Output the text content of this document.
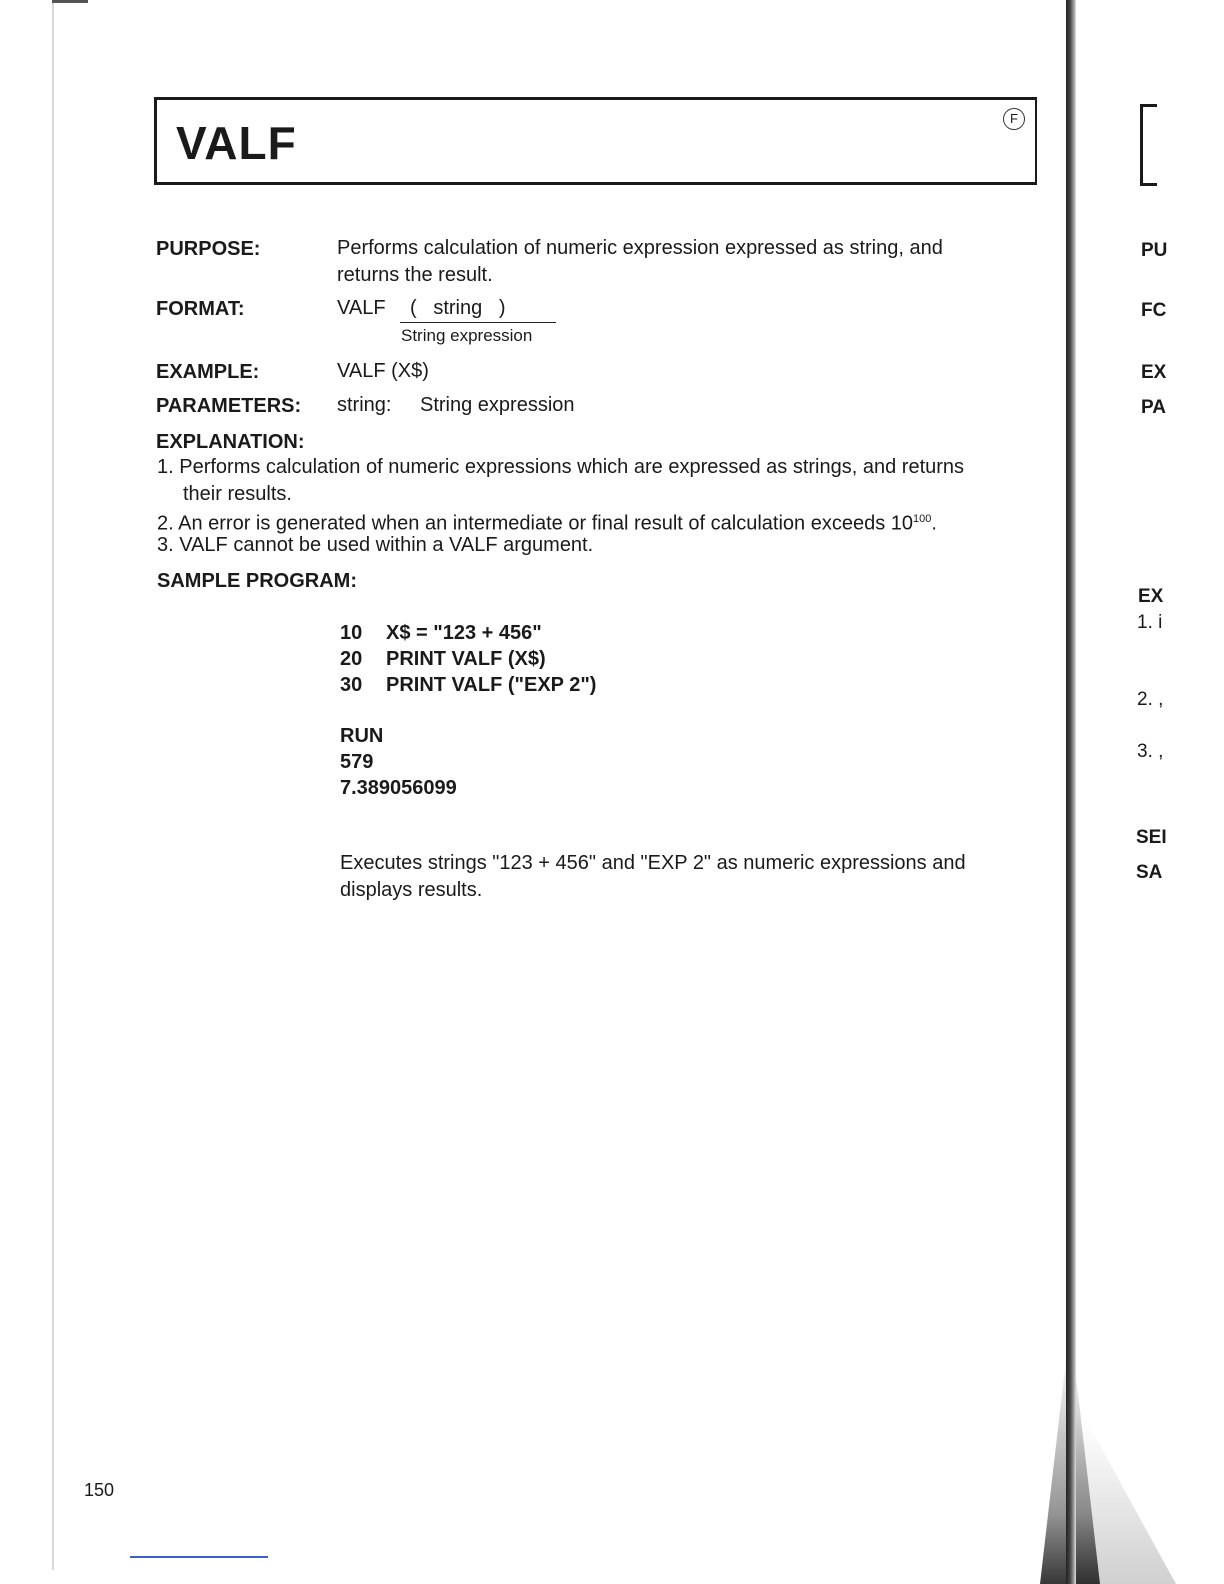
VALF	F
PURPOSE:	Performs calculation of numeric expression expressed as string, and
returns the result.
FORMAT:	VALF (   string   )
String expression
EXAMPLE:	VALF (X$)
PARAMETERS: string: String expression
EXPLANATION:
1. Performs calculation of numeric expressions which are expressed as strings, and returns
their results.
2. An error is generated when an intermediate or final result of calculation exceeds $10^{100}$.
3. VALF cannot be used within a VALF argument.
SAMPLE PROGRAM:
10 X$ = "123 + 456"
20 PRINT VALF (X$)
30 PRINT VALF ("EXP 2")
RUN
579
7.389056099
Executes strings "123 + 456" and "EXP 2" as numeric expressions and
displays results.
150
PU
FC
EX
PA
EX
1. i
2. ,
3. ,
SEI
SA
